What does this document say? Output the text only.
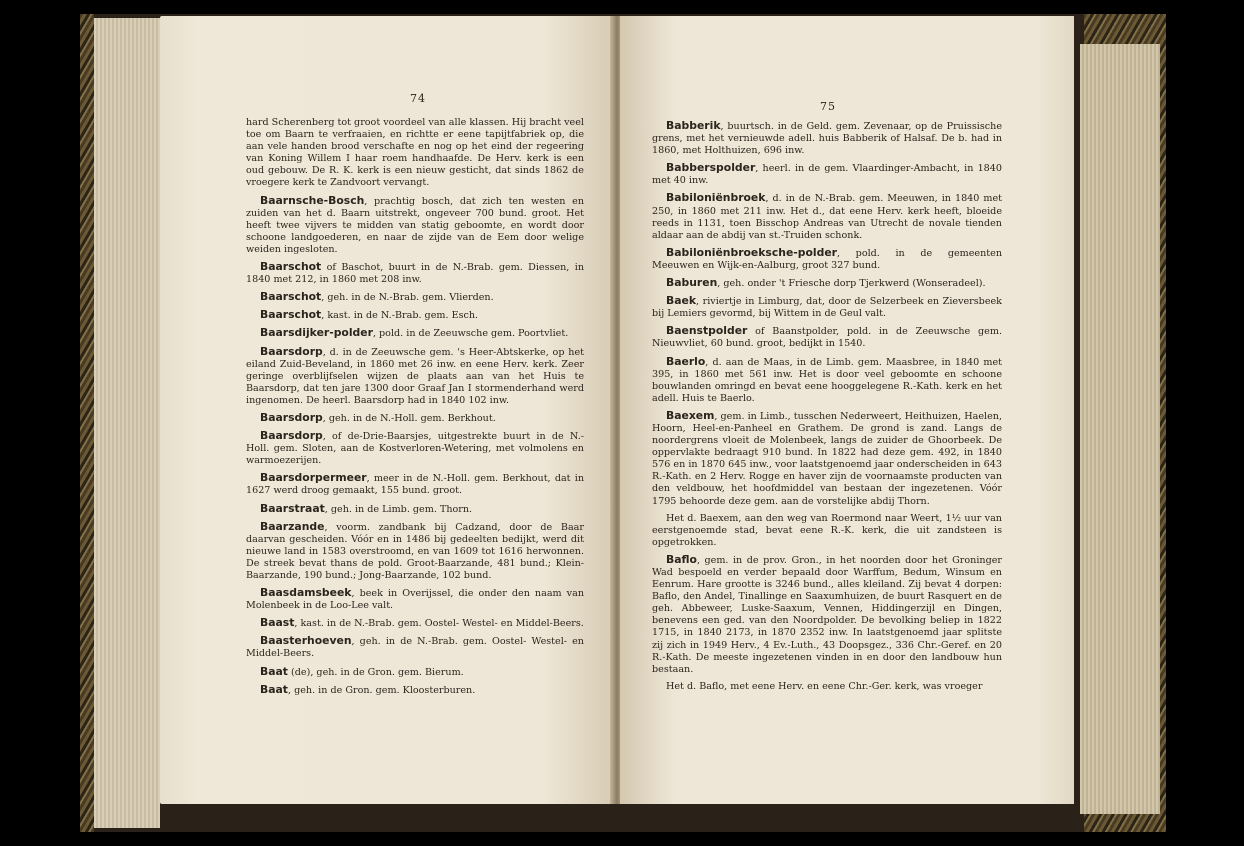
74
hard Scherenberg tot groot voordeel van alle klassen. Hij bracht veel toe om Baarn te verfraaien, en richtte er eene tapijtfabriek op, die aan vele handen brood verschafte en nog op het eind der regeering van Koning Willem I haar roem handhaafde. De Herv. kerk is een oud gebouw. De R. K. kerk is een nieuw gesticht, dat sinds 1862 de vroegere kerk te Zandvoort vervangt.
Baarnsche-Bosch, prachtig bosch, dat zich ten westen en zuiden van het d. Baarn uitstrekt, ongeveer 700 bund. groot. Het heeft twee vijvers te midden van statig geboomte, en wordt door schoone landgoederen, en naar de zijde van de Eem door welige weiden ingesloten.
Baarschot of Baschot, buurt in de N.-Brab. gem. Diessen, in 1840 met 212, in 1860 met 208 inw.
Baarschot, geh. in de N.-Brab. gem. Vlierden.
Baarschot, kast. in de N.-Brab. gem. Esch.
Baarsdijker-polder, pold. in de Zeeuwsche gem. Poortvliet.
Baarsdorp, d. in de Zeeuwsche gem. 's Heer-Abtskerke, op het eiland Zuid-Beveland, in 1860 met 26 inw. en eene Herv. kerk. Zeer geringe overblijfselen wijzen de plaats aan van het Huis te Baarsdorp, dat ten jare 1300 door Graaf Jan I stormenderhand werd ingenomen. De heerl. Baarsdorp had in 1840 102 inw.
Baarsdorp, geh. in de N.-Holl. gem. Berkhout.
Baarsdorp, of de-Drie-Baarsjes, uitgestrekte buurt in de N.-Holl. gem. Sloten, aan de Kostverloren-Wetering, met volmolens en warmoezerijen.
Baarsdorpermeer, meer in de N.-Holl. gem. Berkhout, dat in 1627 werd droog gemaakt, 155 bund. groot.
Baarstraat, geh. in de Limb. gem. Thorn.
Baarzande, voorm. zandbank bij Cadzand, door de Baar daarvan gescheiden. Vóór en in 1486 bij gedeelten bedijkt, werd dit nieuwe land in 1583 overstroomd, en van 1609 tot 1616 herwonnen. De streek bevat thans de pold. Groot-Baarzande, 481 bund.; Klein-Baarzande, 190 bund.; Jong-Baarzande, 102 bund.
Baasdamsbeek, beek in Overijssel, die onder den naam van Molenbeek in de Loo-Lee valt.
Baast, kast. in de N.-Brab. gem. Oostel- Westel- en Middel-Beers.
Baasterhoeven, geh. in de N.-Brab. gem. Oostel- Westel- en Middel-Beers.
Baat (de), geh. in de Gron. gem. Bierum.
Baat, geh. in de Gron. gem. Kloosterburen.
75
Babberik, buurtsch. in de Geld. gem. Zevenaar, op de Pruissische grens, met het vernieuwde adell. huis Babberik of Halsaf. De b. had in 1860, met Holthuizen, 696 inw.
Babberspolder, heerl. in de gem. Vlaardinger-Ambacht, in 1840 met 40 inw.
Babiloniënbroek, d. in de N.-Brab. gem. Meeuwen, in 1840 met 250, in 1860 met 211 inw. Het d., dat eene Herv. kerk heeft, bloeide reeds in 1131, toen Bisschop Andreas van Utrecht de novale tienden aldaar aan de abdij van st.-Truiden schonk.
Babiloniënbroeksche-polder, pold. in de gemeenten Meeuwen en Wijk-en-Aalburg, groot 327 bund.
Baburen, geh. onder 't Friesche dorp Tjerkwerd (Wonseradeel).
Baek, riviertje in Limburg, dat, door de Selzerbeek en Zieversbeek bij Lemiers gevormd, bij Wittem in de Geul valt.
Baenstpolder of Baanstpolder, pold. in de Zeeuwsche gem. Nieuwvliet, 60 bund. groot, bedijkt in 1540.
Baerlo, d. aan de Maas, in de Limb. gem. Maasbree, in 1840 met 395, in 1860 met 561 inw. Het is door veel geboomte en schoone bouwlanden omringd en bevat eene hooggelegene R.-Kath. kerk en het adell. Huis te Baerlo.
Baexem, gem. in Limb., tusschen Nederweert, Heithuizen, Haelen, Hoorn, Heel-en-Panheel en Grathem. De grond is zand. Langs de noordergrens vloeit de Molenbeek, langs de zuider de Ghoorbeek. De oppervlakte bedraagt 910 bund. In 1822 had deze gem. 492, in 1840 576 en in 1870 645 inw., voor laatstgenoemd jaar onderscheiden in 643 R.-Kath. en 2 Herv. Rogge en haver zijn de voornaamste producten van den veldbouw, het hoofdmiddel van bestaan der ingezetenen. Vóór 1795 behoorde deze gem. aan de vorstelijke abdij Thorn.
Het d. Baexem, aan den weg van Roermond naar Weert, 1½ uur van eerstgenoemde stad, bevat eene R.-K. kerk, die uit zandsteen is opgetrokken.
Baflo, gem. in de prov. Gron., in het noorden door het Groninger Wad bespoeld en verder bepaald door Warffum, Bedum, Winsum en Eenrum. Hare grootte is 3246 bund., alles kleiland. Zij bevat 4 dorpen: Baflo, den Andel, Tinallinge en Saaxumhuizen, de buurt Rasquert en de geh. Abbeweer, Luske-Saaxum, Vennen, Hiddingerzijl en Dingen, benevens een ged. van den Noordpolder. De bevolking beliep in 1822 1715, in 1840 2173, in 1870 2352 inw. In laatstgenoemd jaar splitste zij zich in 1949 Herv., 4 Ev.-Luth., 43 Doopsgez., 336 Chr.-Geref. en 20 R.-Kath. De meeste ingezetenen vinden in en door den landbouw hun bestaan.
Het d. Baflo, met eene Herv. en eene Chr.-Ger. kerk, was vroeger
